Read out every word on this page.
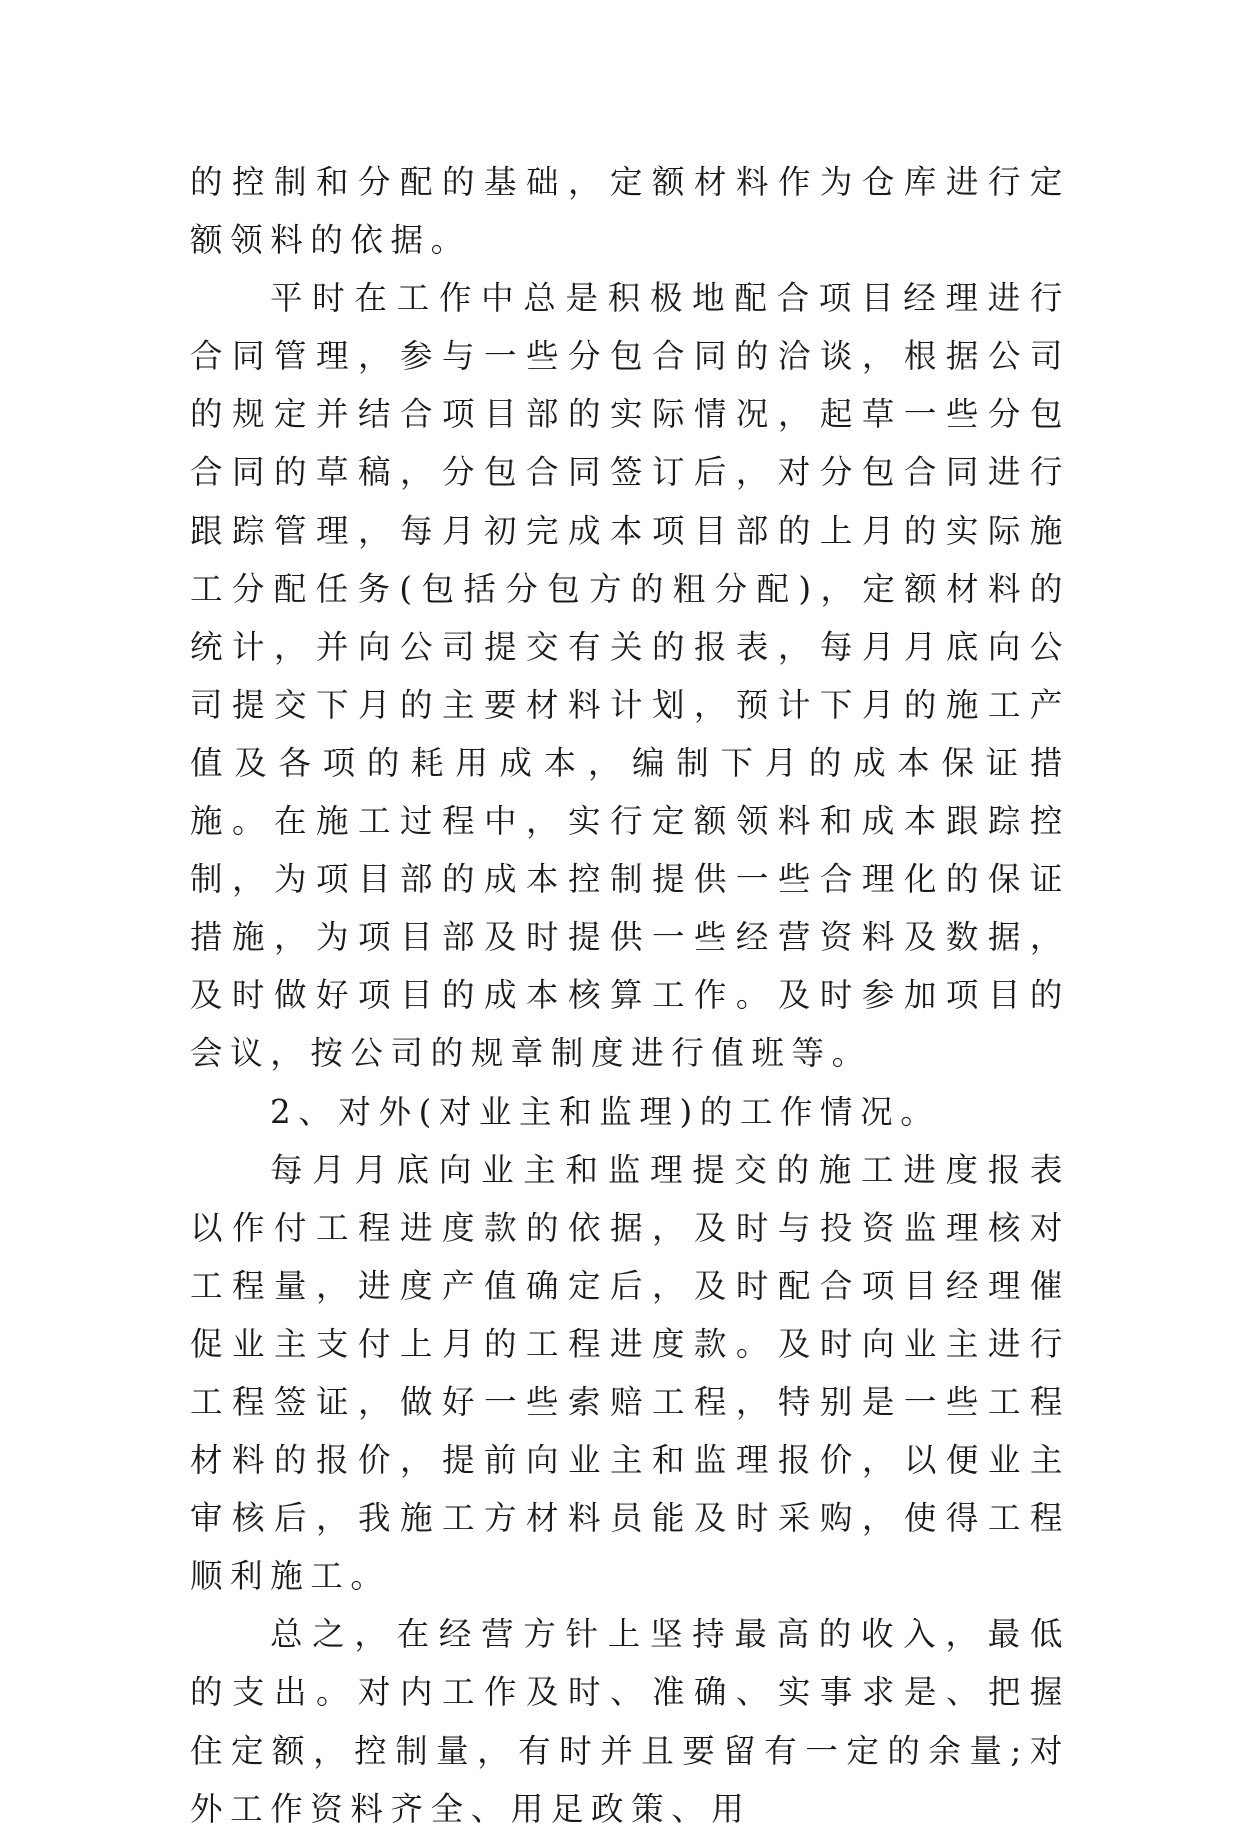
的控制和分配的基础，定额材料作为仓库进行定额领料的依据。

平时在工作中总是积极地配合项目经理进行合同管理，参与一些分包合同的洽谈，根据公司的规定并结合项目部的实际情况，起草一些分包合同的草稿，分包合同签订后，对分包合同进行跟踪管理，每月初完成本项目部的上月的实际施工分配任务(包括分包方的粗分配)，定额材料的统计，并向公司提交有关的报表，每月月底向公司提交下月的主要材料计划，预计下月的施工产值及各项的耗用成本，编制下月的成本保证措施。在施工过程中，实行定额领料和成本跟踪控制，为项目部的成本控制提供一些合理化的保证措施，为项目部及时提供一些经营资料及数据，及时做好项目的成本核算工作。及时参加项目的会议，按公司的规章制度进行值班等。

2、对外(对业主和监理)的工作情况。

每月月底向业主和监理提交的施工进度报表以作付工程进度款的依据，及时与投资监理核对工程量，进度产值确定后，及时配合项目经理催促业主支付上月的工程进度款。及时向业主进行工程签证，做好一些索赔工程，特别是一些工程材料的报价，提前向业主和监理报价，以便业主审核后，我施工方材料员能及时采购，使得工程顺利施工。

总之，在经营方针上坚持最高的收入，最低的支出。对内工作及时、准确、实事求是、把握住定额，控制量，有时并且要留有一定的余量;对外工作资料齐全、用足政策、用
